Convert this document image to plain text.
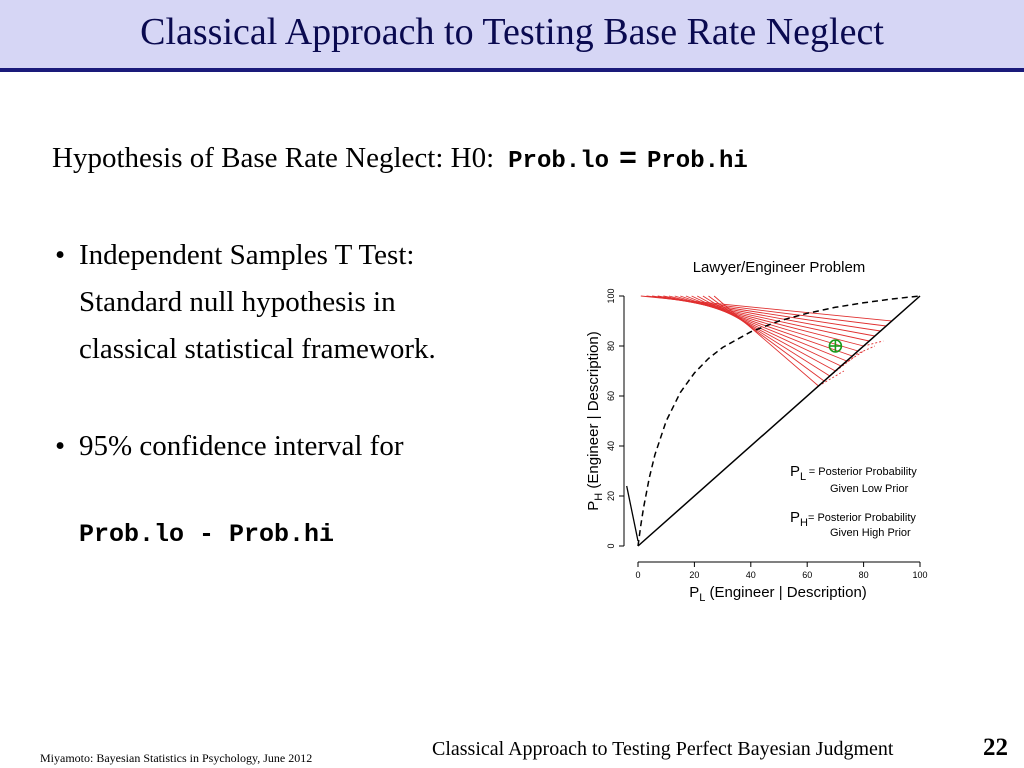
Classical Approach to Testing Base Rate Neglect
Hypothesis of Base Rate Neglect: H0: Prob.lo = Prob.hi
• Independent Samples T Test:
Standard null hypothesis in
classical statistical framework.
• 95% confidence interval for
Prob.lo - Prob.hi
Lawyer/Engineer Problem
0	20	40	60	80	100
0
20
40
60
80
100
$P_L$ (Engineer | Description)
$P_H$ (Engineer | Description)	$P_L$ $^{= Posterior Probability}$
Given Low Prior
$P_H^{= Posterior Probability}$
Given High Prior
Miyamoto: Bayesian Statistics in Psychology, June 2012	Classical Approach to Testing Perfect Bayesian Judgment	22
